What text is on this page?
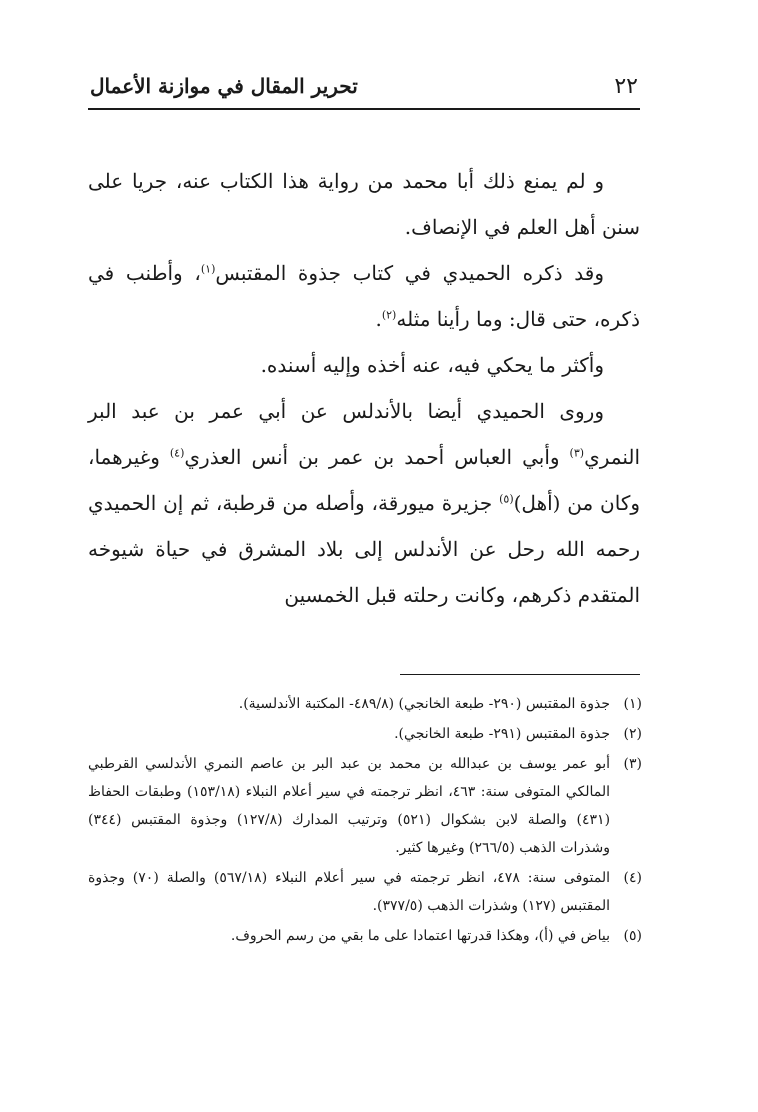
٢٢
تحرير المقال في موازنة الأعمال

و لم يمنع ذلك أبا محمد من رواية هذا الكتاب عنه، جريا على سنن أهل العلم في الإنصاف.

وقد ذكره الحميدي في كتاب جذوة المقتبس$^{(١)}$، وأطنب في ذكره، حتى قال: وما رأينا مثله$^{(٢)}$.

وأكثر ما يحكي فيه، عنه أخذه وإليه أسنده.

وروى الحميدي أيضا بالأندلس عن أبي عمر بن عبد البر النمري$^{(٣)}$ وأبي العباس أحمد بن عمر بن أنس العذري$^{(٤)}$ وغيرهما، وكان من (أهل)$^{(٥)}$ جزيرة ميورقة، وأصله من قرطبة، ثم إن الحميدي رحمه الله رحل عن الأندلس إلى بلاد المشرق في حياة شيوخه المتقدم ذكرهم، وكانت رحلته قبل الخمسين

(١)
جذوة المقتبس (٢٩٠- طبعة الخانجي) (٤٨٩/٨- المكتبة الأندلسية).
(٢)
جذوة المقتبس (٢٩١- طبعة الخانجي).
(٣)
أبو عمر يوسف بن عبدالله بن محمد بن عبد البر بن عاصم النمري الأندلسي القرطبي المالكي المتوفى سنة: ٤٦٣، انظر ترجمته في سير أعلام النبلاء (١٥٣/١٨) وطبقات الحفاظ (٤٣١) والصلة لابن بشكوال (٥٢١) وترتيب المدارك (١٢٧/٨) وجذوة المقتبس (٣٤٤) وشذرات الذهب (٢٦٦/٥) وغيرها كثير.
(٤)
المتوفى سنة: ٤٧٨، انظر ترجمته في سير أعلام النبلاء (٥٦٧/١٨) والصلة (٧٠) وجذوة المقتبس (١٢٧) وشذرات الذهب (٣٧٧/٥).
(٥)
بياض في (أ)، وهكذا قدرتها اعتمادا على ما بقي من رسم الحروف.
